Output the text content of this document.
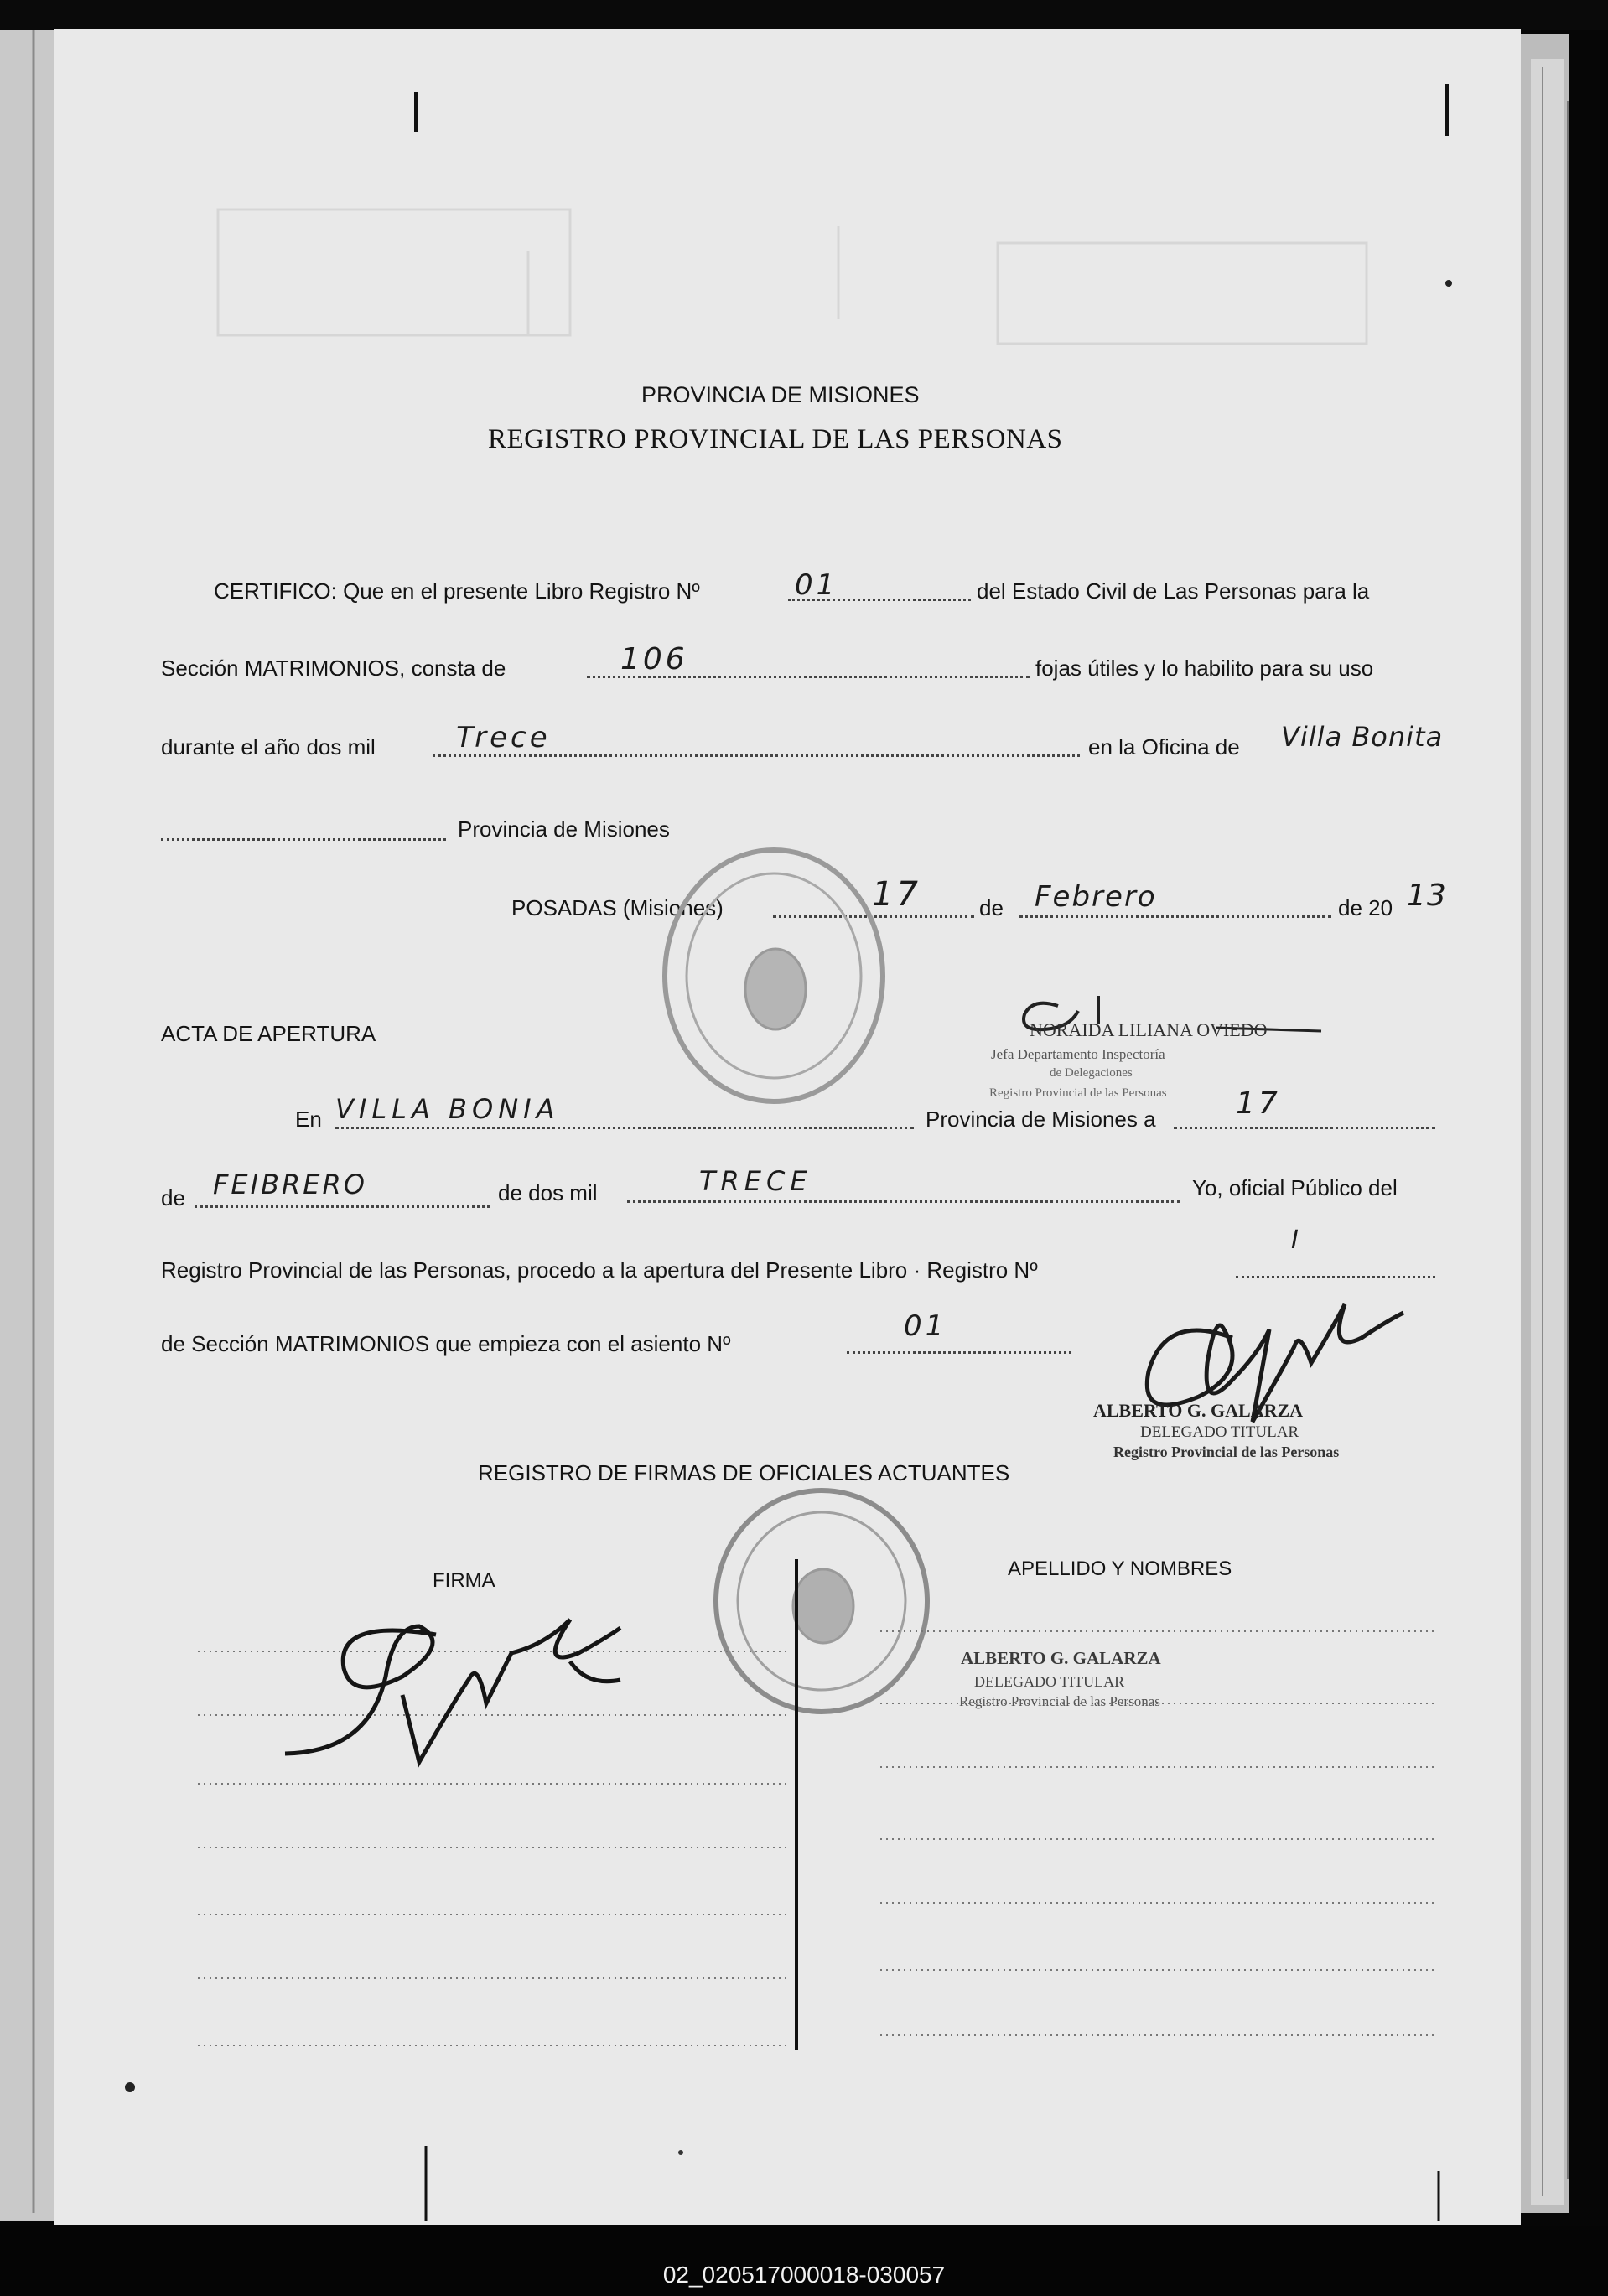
PROVINCIA DE MISIONES
REGISTRO PROVINCIAL DE LAS PERSONAS
CERTIFICO: Que en el presente Libro Registro Nº	01	del Estado Civil de Las Personas para la
Sección MATRIMONIOS, consta de	106	fojas útiles y lo habilito para su uso
durante el año dos mil	Trece	en la Oficina de Villa Bonita
Provincia de Misiones
POSADAS (Misiones)	17	de Febrero	de 20 13
NORAIDA LILIANA OVIEDO
Jefa Departamento Inspectoría
de Delegaciones
Registro Provincial de las Personas
ACTA DE APERTURA
En VILLA BONIA	Provincia de Misiones a	17
de FEIBRERO	de dos mil	TRECE	Yo, oficial Público del
Registro Provincial de las Personas, procedo a la apertura del Presente Libro · Registro Nº
I
de Sección MATRIMONIOS que empieza con el asiento Nº
01
ALBERTO G. GALARZA
DELEGADO TITULAR
Registro Provincial de las Personas
REGISTRO DE FIRMAS DE OFICIALES ACTUANTES
FIRMA
APELLIDO Y NOMBRES
ALBERTO G. GALARZA
DELEGADO TITULAR
Registro Provincial de las Personas
02_020517000018-030057
